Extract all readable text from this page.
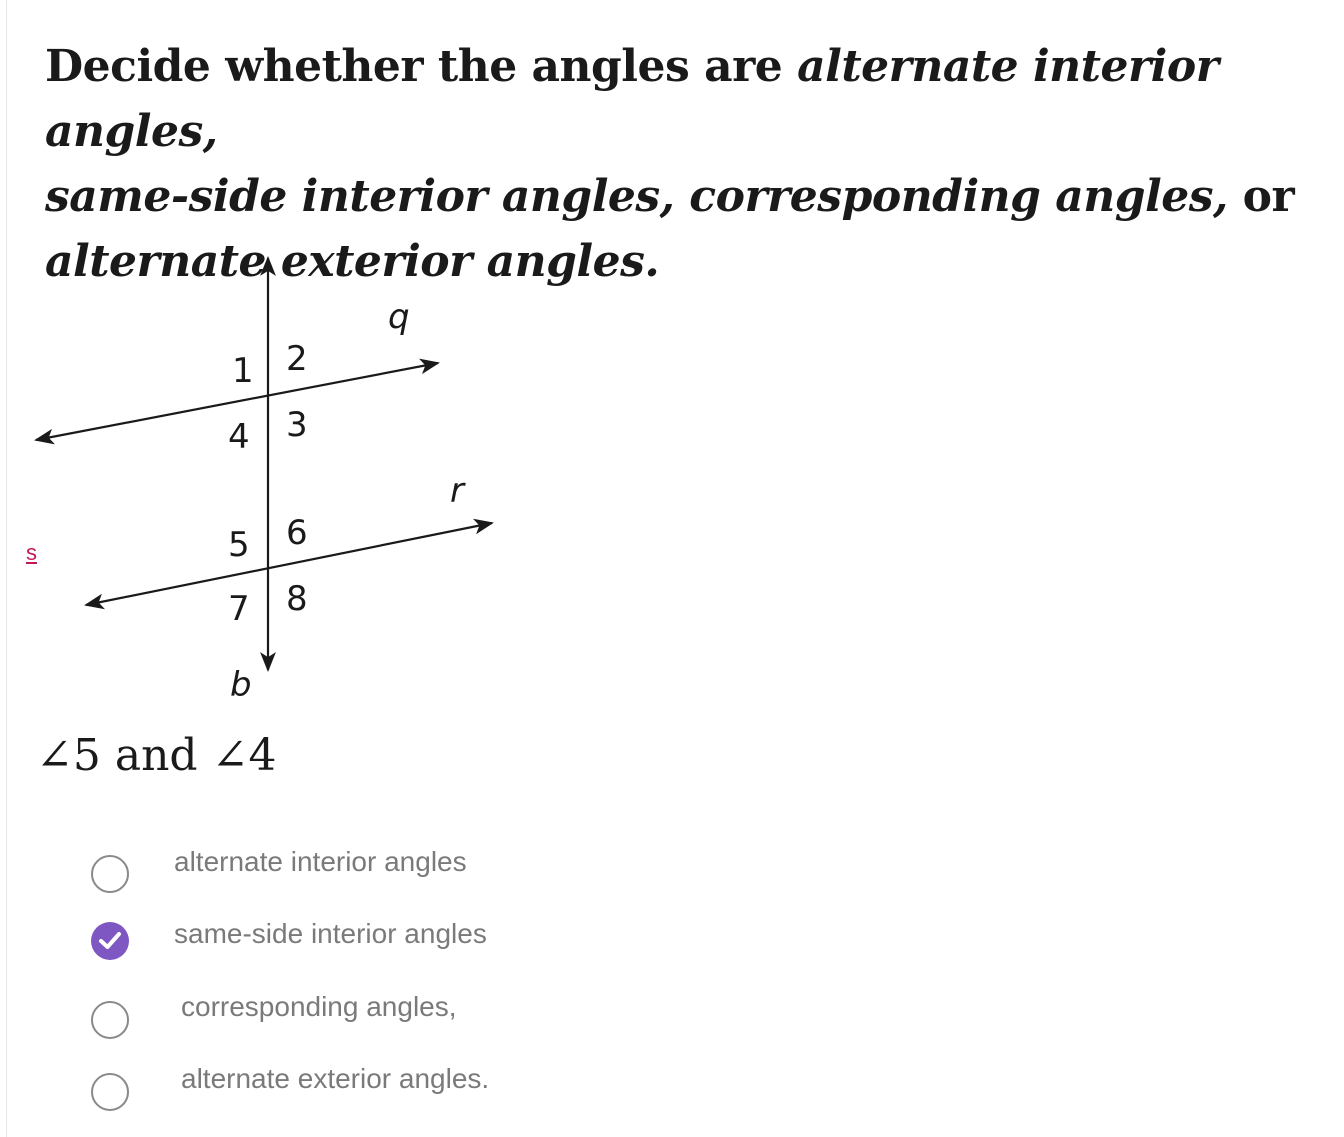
Decide whether the angles are alternate interior angles,
same-side interior angles, corresponding angles, or
alternate exterior angles.
1 2
4 3
5 6
7 8
q
r
b
s
∠5 and ∠4
alternate interior angles
same-side interior angles
corresponding angles,
alternate exterior angles.
